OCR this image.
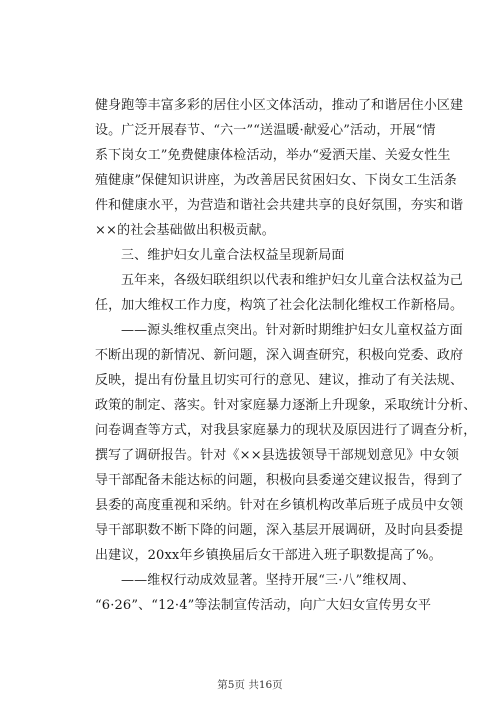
健身跑等丰富多彩的居住小区文体活动，推动了和谐居住小区建
设。广泛开展春节、“六一”“送温暖·献爱心”活动，开展“情
系下岗女工”免费健康体检活动，举办“爱洒天崖、关爱女性生
殖健康”保健知识讲座，为改善居民贫困妇女、下岗女工生活条
件和健康水平，为营造和谐社会共建共享的良好氛围，夯实和谐
××的社会基础做出积极贡献。
三、维护妇女儿童合法权益呈现新局面
五年来，各级妇联组织以代表和维护妇女儿童合法权益为己
任，加大维权工作力度，构筑了社会化法制化维权工作新格局。
——源头维权重点突出。针对新时期维护妇女儿童权益方面
不断出现的新情况、新问题，深入调查研究，积极向党委、政府
反映，提出有份量且切实可行的意见、建议，推动了有关法规、
政策的制定、落实。针对家庭暴力逐渐上升现象，采取统计分析、
问卷调查等方式，对我县家庭暴力的现状及原因进行了调查分析，
撰写了调研报告。针对《××县选拔领导干部规划意见》中女领
导干部配备未能达标的问题，积极向县委递交建议报告，得到了
县委的高度重视和采纳。针对在乡镇机构改革后班子成员中女领
导干部职数不断下降的问题，深入基层开展调研，及时向县委提
出建议，20xx年乡镇换届后女干部进入班子职数提高了%。
——维权行动成效显著。坚持开展“三·八”维权周、
“6·26”、“12·4”等法制宣传活动，向广大妇女宣传男女平
第5页 共16页
